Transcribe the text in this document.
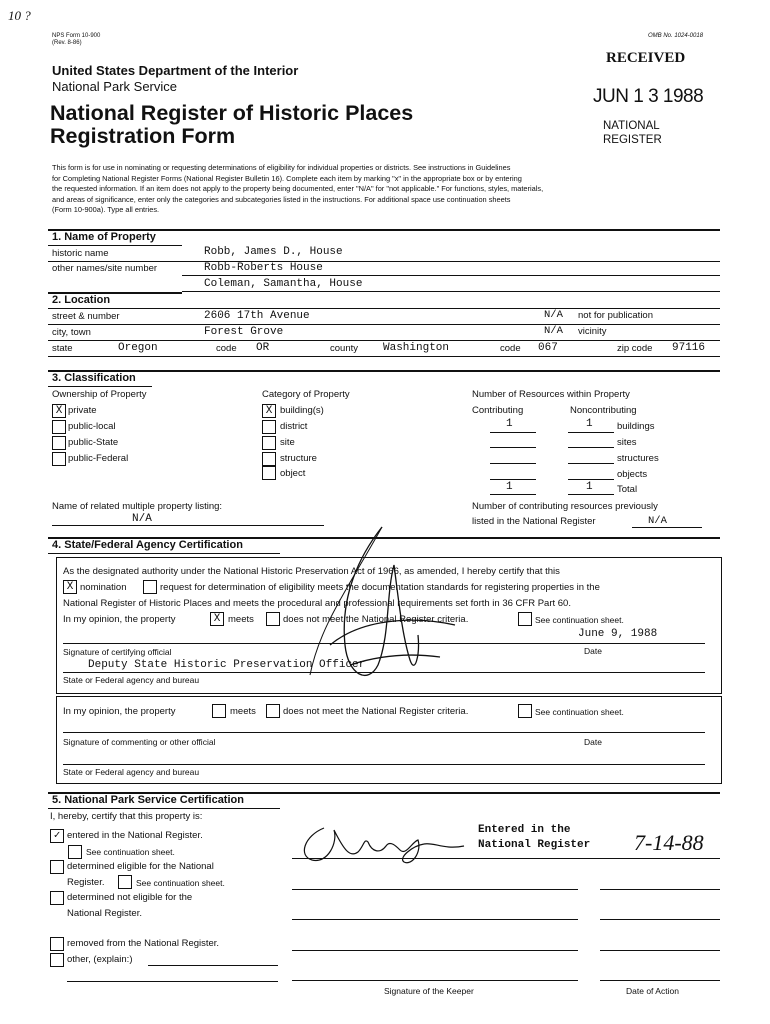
10 ?
NPS Form 10-900
(Rev. 8-86)
OMB No. 1024-0018
RECEIVED
JUN 1 3 1988
NATIONAL
REGISTER
United States Department of the Interior
National Park Service
National Register of Historic Places
Registration Form
This form is for use in nominating or requesting determinations of eligibility for individual properties or districts. See instructions in Guidelines
for Completing National Register Forms (National Register Bulletin 16). Complete each item by marking "x" in the appropriate box or by entering
the requested information. If an item does not apply to the property being documented, enter "N/A" for "not applicable." For functions, styles, materials,
and areas of significance, enter only the categories and subcategories listed in the instructions. For additional space use continuation sheets
(Form 10-900a). Type all entries.
1. Name of Property
historic name	Robb, James D., House
other names/site number	Robb-Roberts House
Coleman, Samantha, House
2. Location
street & number	2606 17th Avenue	N/A not for publication
city, town	Forest Grove	N/A vicinity
state	Oregon	code OR	county Washington	code 067	zip code 97116
3. Classification
Ownership of Property
X private
public-local
public-State
public-Federal
Category of Property
X building(s)
district
site
structure
object
Number of Resources within Property
Contributing	Noncontributing
1	1	buildings
sites
structures
objects
1	1	Total
Name of related multiple property listing:
N/A
Number of contributing resources previously
listed in the National Register	N/A
4. State/Federal Agency Certification
As the designated authority under the National Historic Preservation Act of 1966, as amended, I hereby certify that this
X nomination	request for determination of eligibility meets the documentation standards for registering properties in the
National Register of Historic Places and meets the procedural and professional requirements set forth in 36 CFR Part 60.
In my opinion, the property	X meets	does not meet the National Register criteria.	See continuation sheet.
June 9, 1988
Signature of certifying official	Date
Deputy State Historic Preservation Officer
State or Federal agency and bureau
In my opinion, the property	meets	does not meet the National Register criteria.	See continuation sheet.
Signature of commenting or other official	Date
State or Federal agency and bureau
5. National Park Service Certification
I, hereby, certify that this property is:
✓ entered in the National Register.
See continuation sheet.
determined eligible for the National
Register.	See continuation sheet.
determined not eligible for the
National Register.
removed from the National Register.
other, (explain:)
Entered in the
National Register 7-14-88
Signature of the Keeper	Date of Action
